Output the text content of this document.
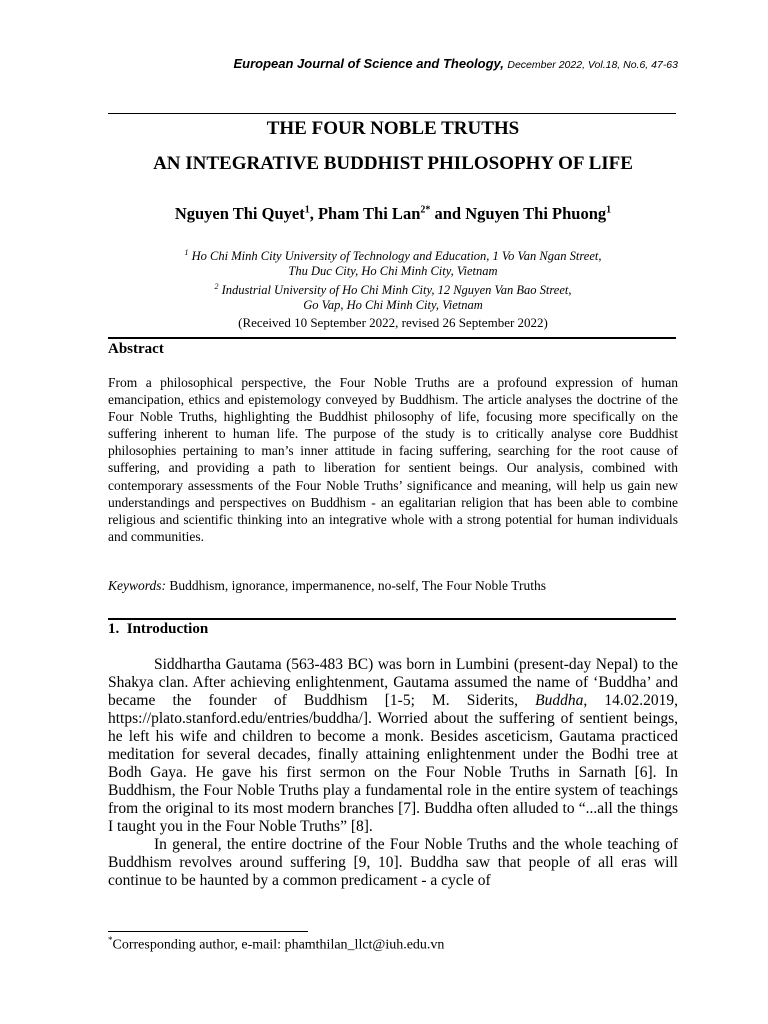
European Journal of Science and Theology, December 2022, Vol.18, No.6, 47-63
THE FOUR NOBLE TRUTHS
AN INTEGRATIVE BUDDHIST PHILOSOPHY OF LIFE
Nguyen Thi Quyet$^1$, Pham Thi Lan$^{2*}$ and Nguyen Thi Phuong$^1$
$^1$ Ho Chi Minh City University of Technology and Education, 1 Vo Van Ngan Street,
Thu Duc City, Ho Chi Minh City, Vietnam
$^2$ Industrial University of Ho Chi Minh City, 12 Nguyen Van Bao Street,
Go Vap, Ho Chi Minh City, Vietnam
(Received 10 September 2022, revised 26 September 2022)
Abstract
From a philosophical perspective, the Four Noble Truths are a profound expression of human emancipation, ethics and epistemology conveyed by Buddhism. The article analyses the doctrine of the Four Noble Truths, highlighting the Buddhist philosophy of life, focusing more specifically on the suffering inherent to human life. The purpose of the study is to critically analyse core Buddhist philosophies pertaining to man’s inner attitude in facing suffering, searching for the root cause of suffering, and providing a path to liberation for sentient beings. Our analysis, combined with contemporary assessments of the Four Noble Truths’ significance and meaning, will help us gain new understandings and perspectives on Buddhism - an egalitarian religion that has been able to combine religious and scientific thinking into an integrative whole with a strong potential for human individuals and communities.
Keywords: Buddhism, ignorance, impermanence, no-self, The Four Noble Truths
1.  Introduction

Siddhartha Gautama (563-483 BC) was born in Lumbini (present-day Nepal) to the Shakya clan. After achieving enlightenment, Gautama assumed the name of ‘Buddha’ and became the founder of Buddhism [1-5; M. Siderits, Buddha, 14.02.2019, https://plato.stanford.edu/entries/buddha/]. Worried about the suffering of sentient beings, he left his wife and children to become a monk. Besides asceticism, Gautama practiced meditation for several decades, finally attaining enlightenment under the Bodhi tree at Bodh Gaya. He gave his first sermon on the Four Noble Truths in Sarnath [6]. In Buddhism, the Four Noble Truths play a fundamental role in the entire system of teachings from the original to its most modern branches [7]. Buddha often alluded to “...all the things I taught you in the Four Noble Truths” [8].

In general, the entire doctrine of the Four Noble Truths and the whole teaching of Buddhism revolves around suffering [9, 10]. Buddha saw that people of all eras will continue to be haunted by a common predicament - a cycle of

*Corresponding author, e-mail: phamthilan_llct@iuh.edu.vn
